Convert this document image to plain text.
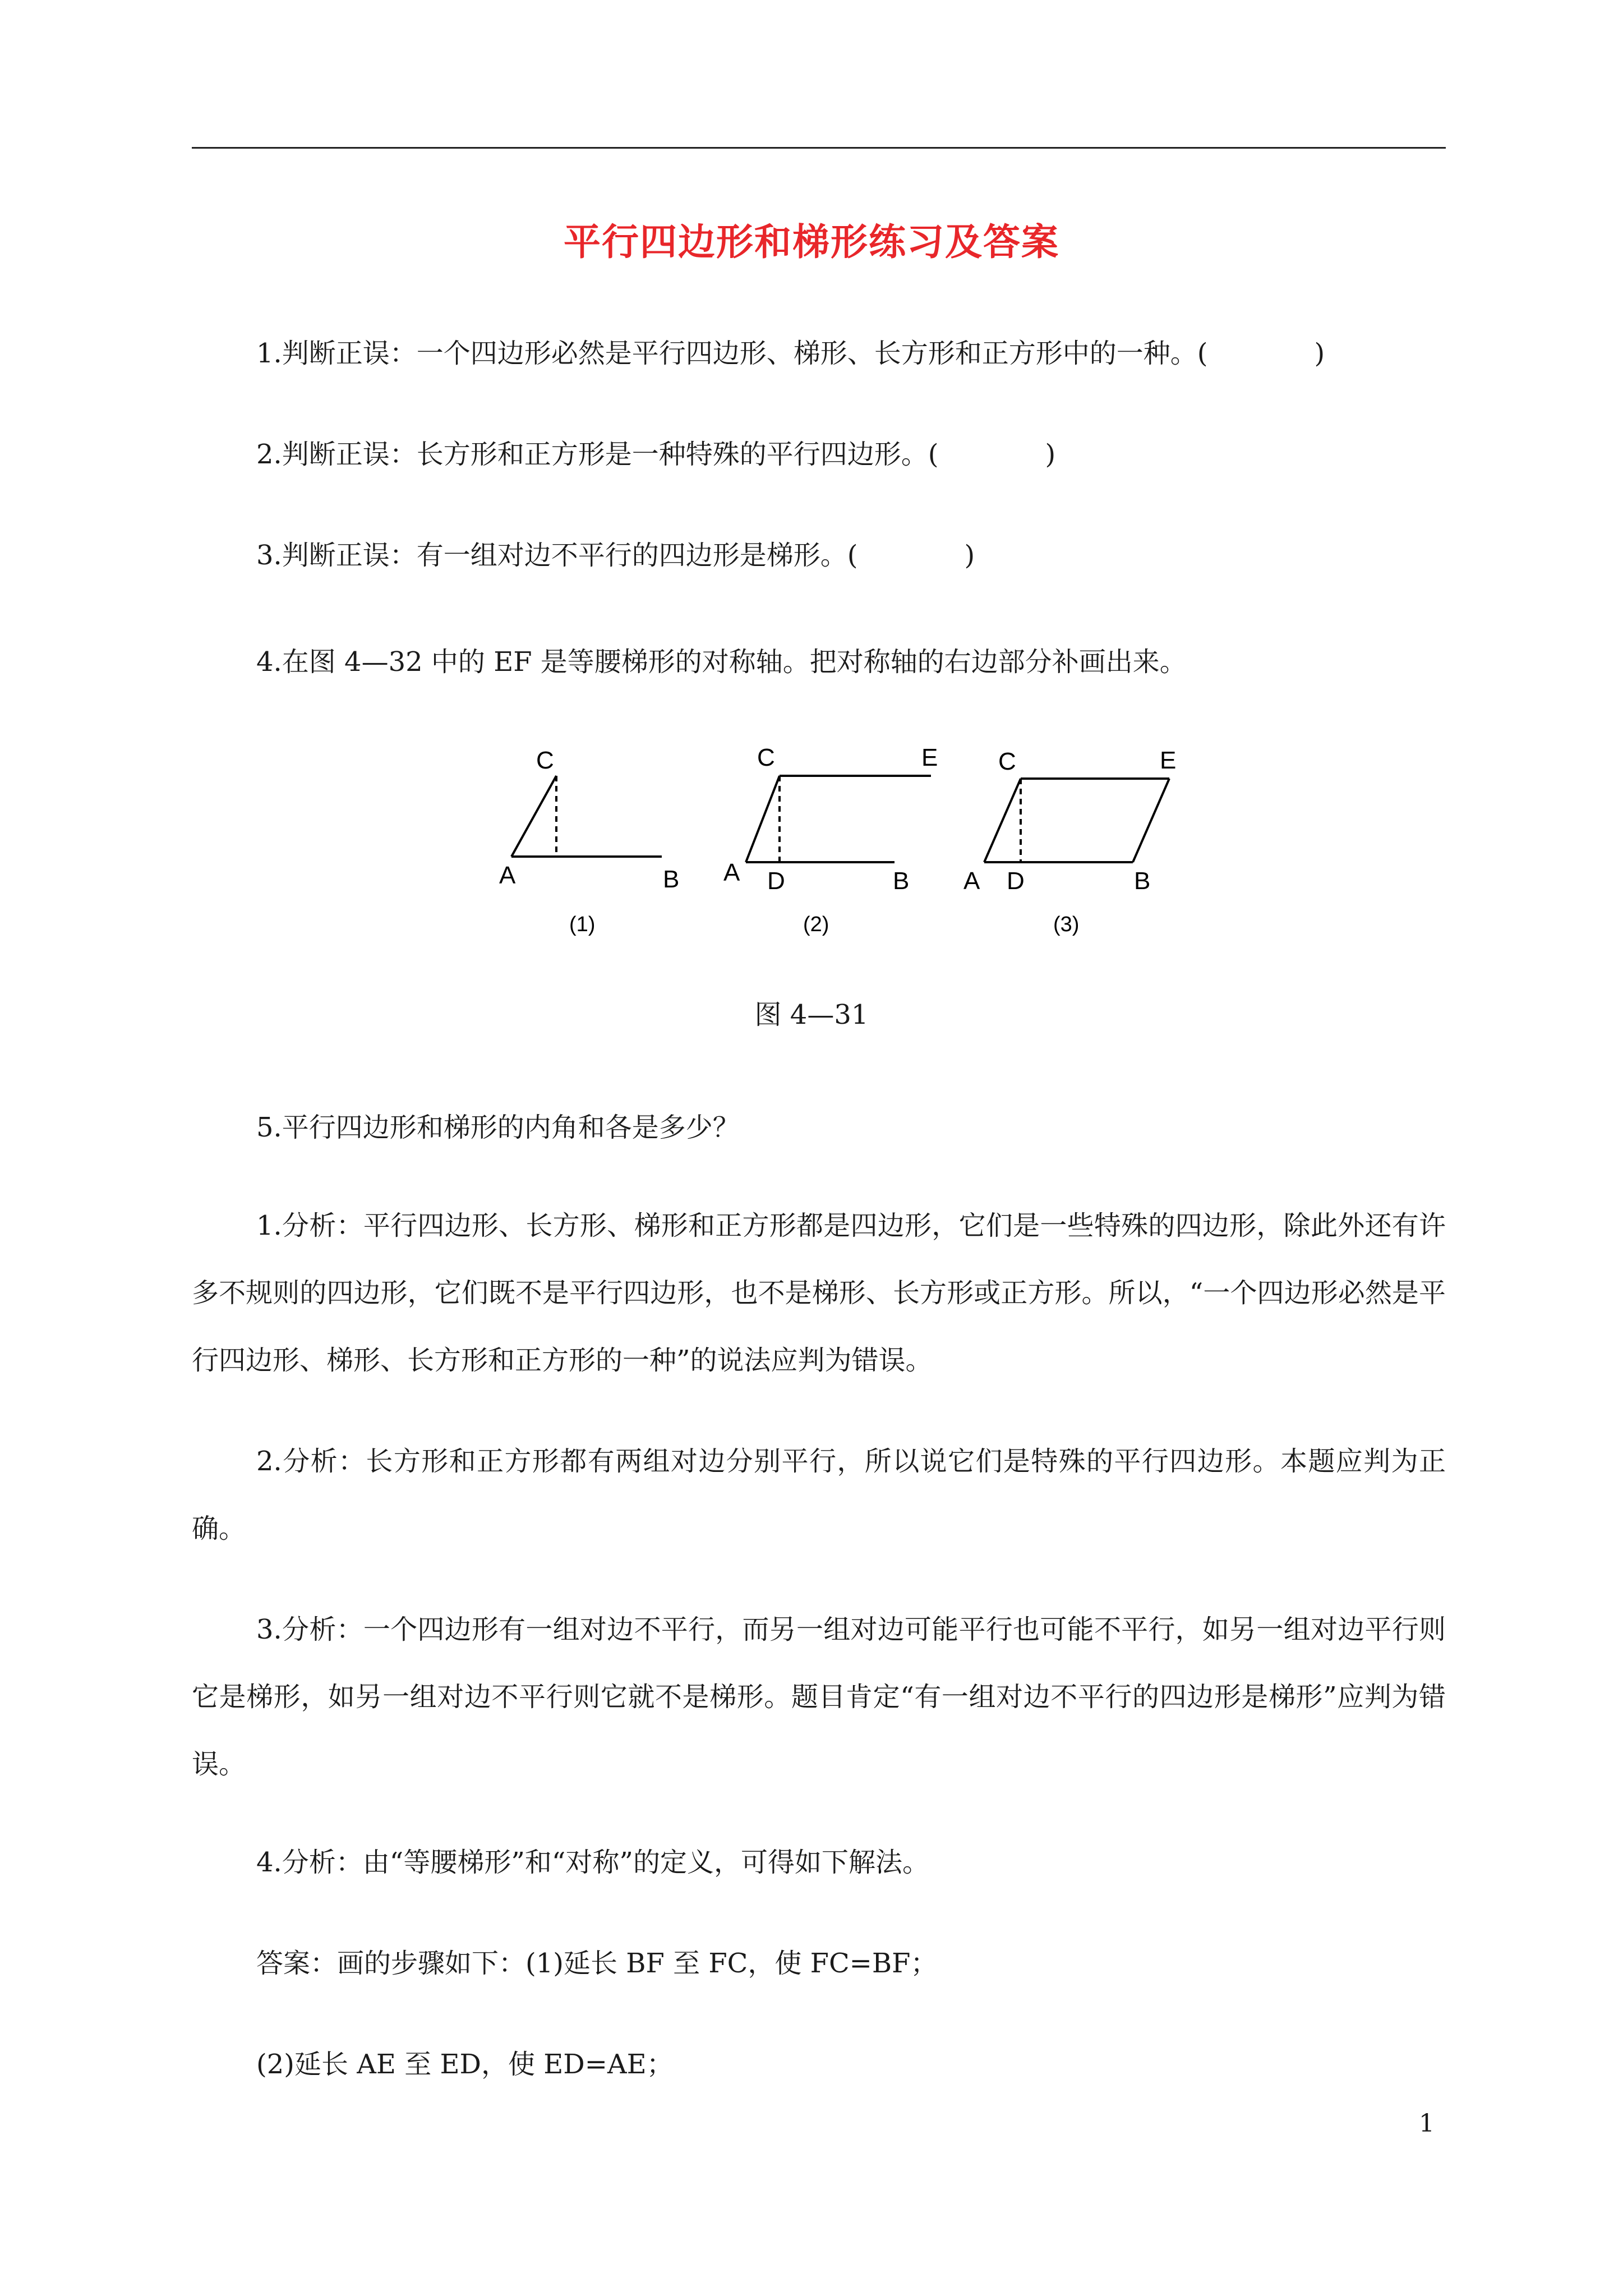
平行四边形和梯形练习及答案
1.判断正误：一个四边形必然是平行四边形、梯形、长方形和正方形中的一种。(	)
2.判断正误：长方形和正方形是一种特殊的平行四边形。(	)
3.判断正误：有一组对边不平行的四边形是梯形。(	)
4.在图 4—32 中的 EF 是等腰梯形的对称轴。把对称轴的右边部分补画出来。
C
A	B
(1)
C	E
A D	B
(2)
C	E
A D	B
(3)
图 4—31
5.平行四边形和梯形的内角和各是多少？
1.分析：平行四边形、长方形、梯形和正方形都是四边形，它们是一些特殊的四边形，除此外还有许多不规则的四边形，它们既不是平行四边形，也不是梯形、长方形或正方形。所以，“一个四边形必然是平行四边形、梯形、长方形和正方形的一种”的说法应判为错误。
2.分析：长方形和正方形都有两组对边分别平行，所以说它们是特殊的平行四边形。本题应判为正确。
3.分析：一个四边形有一组对边不平行，而另一组对边可能平行也可能不平行，如另一组对边平行则它是梯形，如另一组对边不平行则它就不是梯形。题目肯定“有一组对边不平行的四边形是梯形”应判为错误。
4.分析：由“等腰梯形”和“对称”的定义，可得如下解法。
答案：画的步骤如下：(1)延长 BF 至 FC，使 FC=BF；
(2)延长 AE 至 ED，使 ED=AE；
1
